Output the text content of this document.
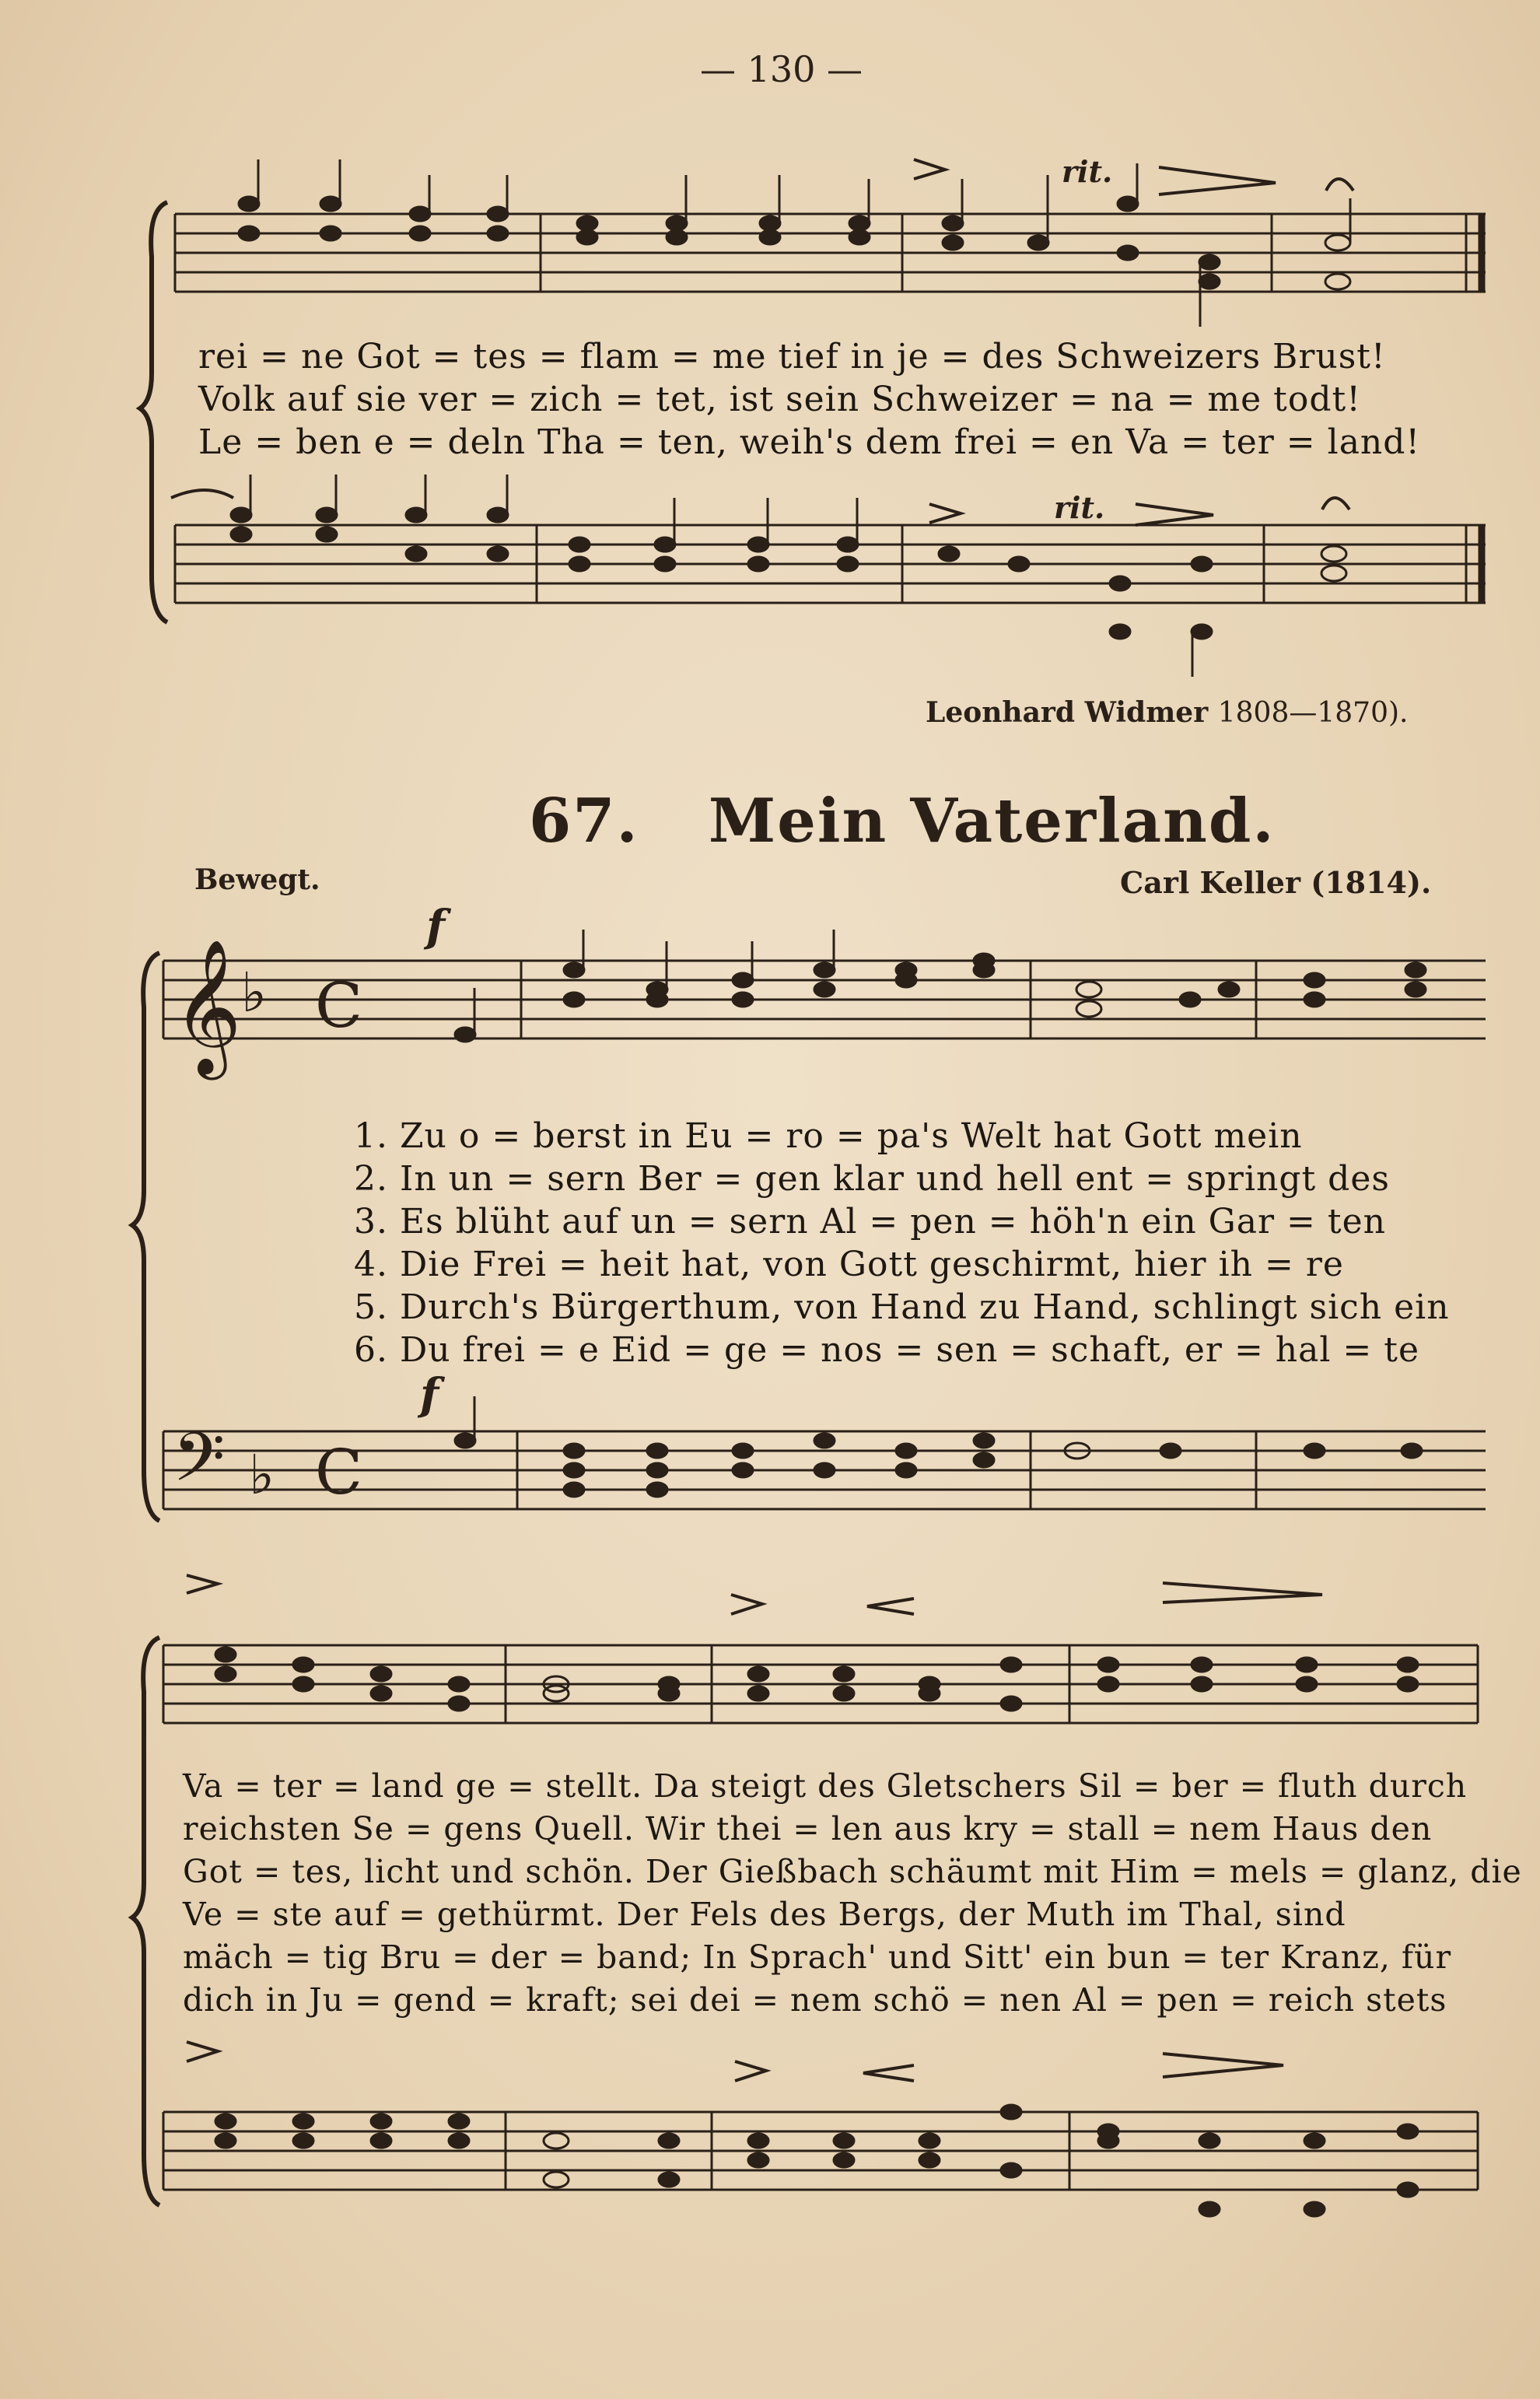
— 130 —
𝄞 ♭ C
𝄢 ♭ C
rit.
rit.
rei = ne Got = tes = flam = me tief in je = des Schweizers Brust!
Volk auf sie ver = zich = tet, ist sein Schweizer = na = me todt!
Le = ben e = deln Tha = ten, weih's dem frei = en Va = ter = land!
Leonhard Widmer 1808—1870).
67. Mein Vaterland.
Bewegt.	Carl Keller (1814).
f
f
1. Zu o = berst in Eu = ro = pa's Welt hat Gott mein
2. In un = sern Ber = gen klar und hell ent = springt des
3. Es blüht auf un = sern Al = pen = höh'n ein Gar = ten
4. Die Frei = heit hat, von Gott geschirmt, hier ih = re
5. Durch's Bürgerthum, von Hand zu Hand, schlingt sich ein
6. Du frei = e Eid = ge = nos = sen = schaft, er = hal = te
Va = ter = land ge = stellt. Da steigt des Gletschers Sil = ber = fluth durch
reichsten Se = gens Quell. Wir thei = len aus kry = stall = nem Haus den
Got = tes, licht und schön. Der Gießbach schäumt mit Him = mels = glanz, die
Ve = ste auf = gethürmt. Der Fels des Bergs, der Muth im Thal, sind
mäch = tig Bru = der = band; In Sprach' und Sitt' ein bun = ter Kranz, für
dich in Ju = gend = kraft; sei dei = nem schö = nen Al = pen = reich stets
